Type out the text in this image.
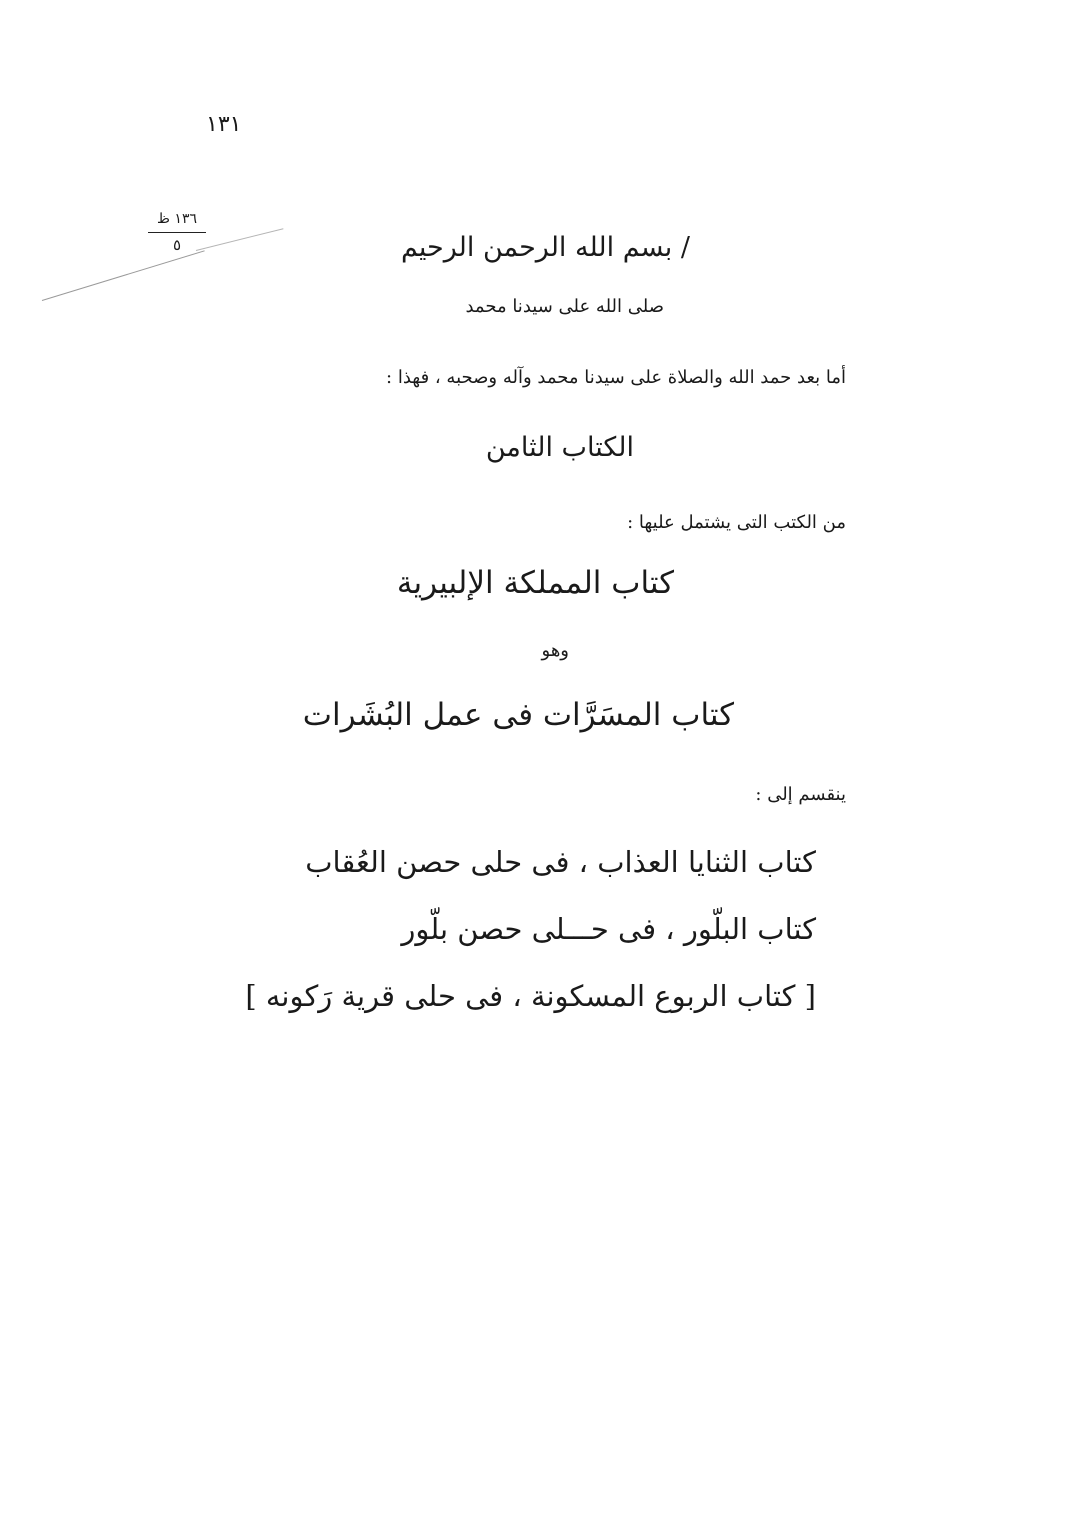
١٣١
١٣٦ ظ
٥	/ بسم الله الرحمن الرحيم
صلى الله على سيدنا محمد
أما بعد حمد الله والصلاة على سيدنا محمد وآله وصحبه ، فهذا :
الكتاب الثامن
من الكتب التى يشتمل عليها :
كتاب المملكة الإلبيرية
وهو
كتاب المسَرَّات فى عمل البُشَرات
ينقسم إلى :
كتاب الثنايا العذاب ، فى حلى حصن العُقاب
كتاب البلّور ، فى حـــلى حصن بلّور
[ كتاب الربوع المسكونة ، فى حلى قرية رَكونه ]
